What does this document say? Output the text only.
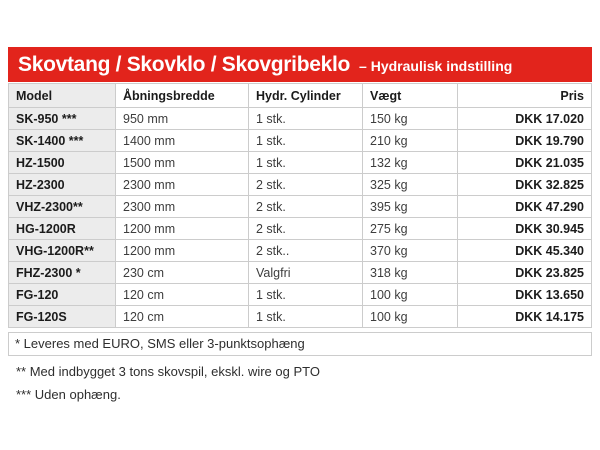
Skovtang / Skovklo / Skovgribeklo – Hydraulisk indstilling
Model	Åbningsbredde	Hydr. Cylinder	Vægt	Pris
SK-950 ***	950 mm	1 stk.	150 kg	DKK 17.020
SK-1400 ***	1400 mm	1 stk.	210 kg	DKK 19.790
HZ-1500	1500 mm	1 stk.	132 kg	DKK 21.035
HZ-2300	2300 mm	2 stk.	325 kg	DKK 32.825
VHZ-2300**	2300 mm	2 stk.	395 kg	DKK 47.290
HG-1200R	1200 mm	2 stk.	275 kg	DKK 30.945
VHG-1200R**	1200 mm	2 stk..	370 kg	DKK 45.340
FHZ-2300 *	230 cm	Valgfri	318 kg	DKK 23.825
FG-120	120 cm	1 stk.	100 kg	DKK 13.650
FG-120S	120 cm	1 stk.	100 kg	DKK 14.175
* Leveres med EURO, SMS eller 3-punktsophæng
** Med indbygget 3 tons skovspil, ekskl. wire og PTO
*** Uden ophæng.
